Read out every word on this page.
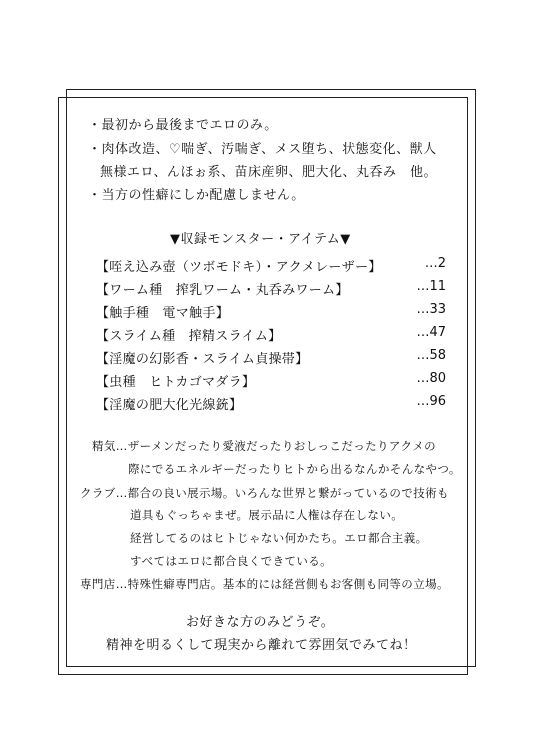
・最初から最後までエロのみ。
・肉体改造、♡喘ぎ、汚喘ぎ、メス堕ち、状態変化、獣人
無様エロ、んほぉ系、苗床産卵、肥大化、丸呑み　他。
・当方の性癖にしか配慮しません。
▼収録モンスター・アイテム▼
【咥え込み壺（ツボモドキ）・アクメレーザー】	…2
【ワーム種　搾乳ワーム・丸呑みワーム】	…11
【触手種　電マ触手】	…33
【スライム種　搾精スライム】	…47
【淫魔の幻影香・スライム貞操帯】	…58
【虫種　ヒトカゴマダラ】	…80
【淫魔の肥大化光線銃】	…96
精気…ザーメンだったり愛液だったりおしっこだったりアクメの
際にでるエネルギーだったりヒトから出るなんかそんなやつ。
クラブ…都合の良い展示場。いろんな世界と繋がっているので技術も
道具もぐっちゃまぜ。展示品に人権は存在しない。
経営してるのはヒトじゃない何かたち。エロ都合主義。
すべてはエロに都合良くできている。
専門店…特殊性癖専門店。基本的には経営側もお客側も同等の立場。
お好きな方のみどうぞ。
精神を明るくして現実から離れて雰囲気でみてね！
